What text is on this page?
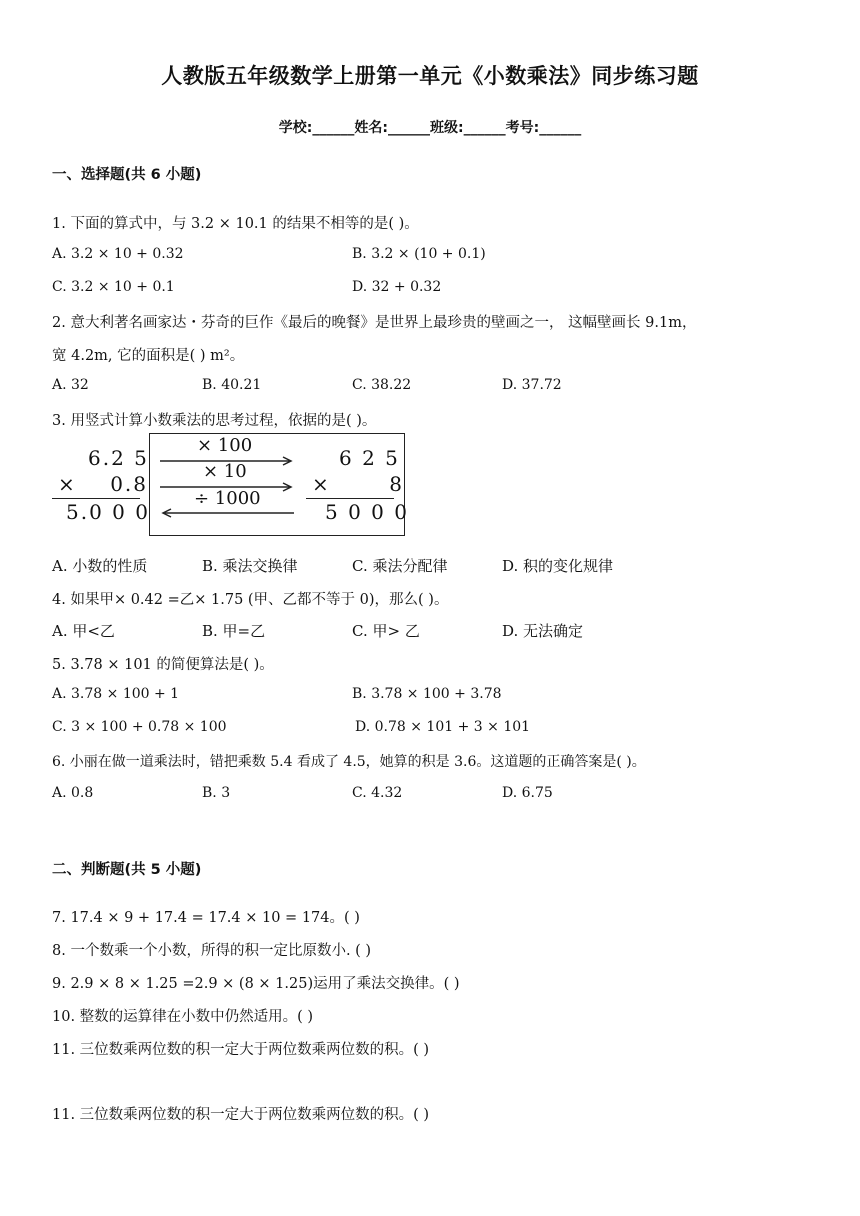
人教版五年级数学上册第一单元《小数乘法》同步练习题
学校:______姓名:______班级:______考号:______
一、选择题(共 6 小题)
1. 下面的算式中，与 3.2 × 10.1 的结果不相等的是( )。
A. 3.2 × 10 + 0.32	B. 3.2 × (10 + 0.1)
C. 3.2 × 10 + 0.1	D. 32 + 0.32
2. 意大利著名画家达・芬奇的巨作《最后的晚餐》是世界上最珍贵的壁画之一， 这幅壁画长 9.1m，
宽 4.2m, 它的面积是( ) m²。
A. 32	B. 40.21	C. 38.22	D. 37.72
3. 用竖式计算小数乘法的思考过程，依据的是( )。
6.2 5
×    0.8
5.0 0 0
× 100
× 10
÷ 1000
6 2 5
×       8
5 0 0 0
A. 小数的性质	B. 乘法交换律	C. 乘法分配律	D. 积的变化规律
4. 如果甲× 0.42 =乙× 1.75 (甲、乙都不等于 0)，那么( )。
A. 甲<乙	B. 甲=乙	C. 甲> 乙	D. 无法确定
5. 3.78 × 101 的简便算法是( )。
A. 3.78 × 100 + 1	B. 3.78 × 100 + 3.78
C. 3 × 100 + 0.78 × 100	D. 0.78 × 101 + 3 × 101
6. 小丽在做一道乘法时，错把乘数 5.4 看成了 4.5，她算的积是 3.6。这道题的正确答案是( )。
A. 0.8	B. 3	C. 4.32	D. 6.75
二、判断题(共 5 小题)
7. 17.4 × 9 + 17.4 = 17.4 × 10 = 174。( )
8. 一个数乘一个小数，所得的积一定比原数小. ( )
9. 2.9 × 8 × 1.25 =2.9 × (8 × 1.25)运用了乘法交换律。( )
10. 整数的运算律在小数中仍然适用。( )
11. 三位数乘两位数的积一定大于两位数乘两位数的积。( )
11. 三位数乘两位数的积一定大于两位数乘两位数的积。( )
